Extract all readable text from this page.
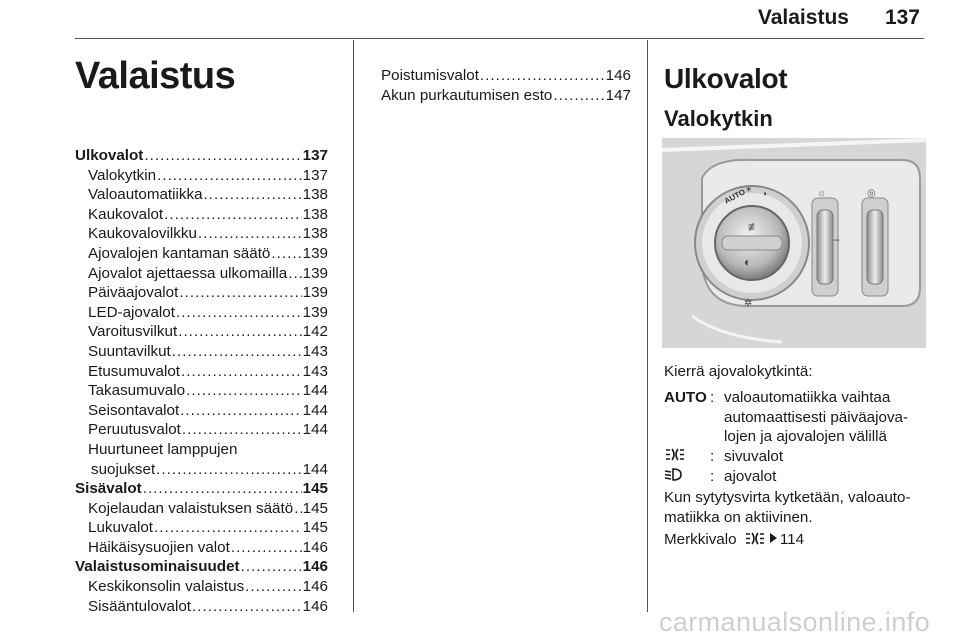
Valaistus 137
Valaistus
Ulkovalot . . .	137
Valokytkin . . .	137
Valoautomatiikka . . .	138
Kaukovalot . . .	138
Kaukovalovilkku . . .	138
Ajovalojen kantaman säätö . . . 139
Ajovalot ajettaessa ulkomailla . . . 139
Päiväajovalot . . .	139
LED-ajovalot . . .	139
Varoitusvilkut . . .	142
Suuntavilkut . . .	143
Etusumuvalot . . .	143
Takasumuvalo . . .	144
Seisontavalot . . .	144
Peruutusvalot . . .	144
Huurtuneet lamppujen
suojukset . . .	144
Sisävalot . . .	145
Kojelaudan valaistuksen säätö . . . 145
Lukuvalot . . .	145
Häikäisysuojien valot . . .	146
Valaistusominaisuudet . . .	146
Keskikonsolin valaistus . . .	146
Sisääntulovalot . . .	146
Poistumisvalot . . .	146
Akun purkautumisen esto . . .	147
Ulkovalot
Valokytkin
AUTO
☀ ◑
≢
◐
✲
☼
−
◎
Kierrä ajovalokytkintä:
AUTO : valoautomatiikka vaihtaa automaattisesti päiväajovalojen ja ajovalojen välillä
: sivuvalot
: ajovalot
Kun sytytysvirta kytketään, valoautomatiikka on aktiivinen.
Merkkivalo	114
carmanualsonline.info
